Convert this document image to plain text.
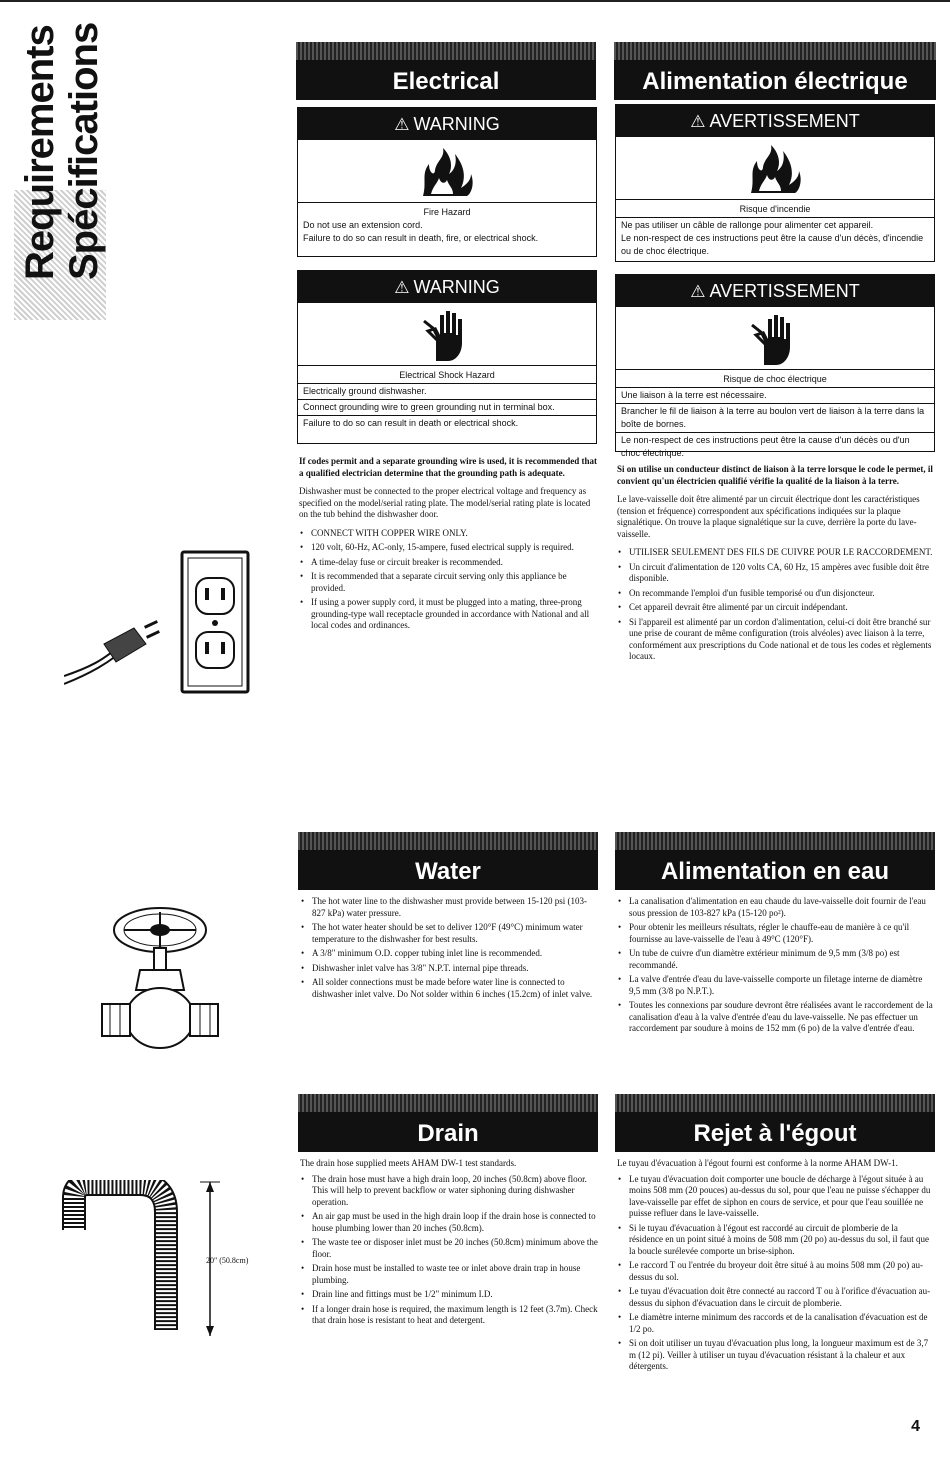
Requirements Spécifications	Electrical
⚠ WARNING
Fire Hazard
Do not use an extension cord.
Failure to do so can result in death, fire, or electrical shock.
⚠ WARNING
Electrical Shock Hazard
Electrically ground dishwasher.
Connect grounding wire to green grounding nut in terminal box.
Failure to do so can result in death or electrical shock.

If codes permit and a separate grounding wire is used, it is recommended that a qualified electrician determine that the grounding path is adequate.

Dishwasher must be connected to the proper electrical voltage and frequency as specified on the model/serial rating plate. The model/serial rating plate is located on the tub behind the dishwasher door.

• CONNECT WITH COPPER WIRE ONLY.
• 120 volt, 60-Hz, AC-only, 15-ampere, fused electrical supply is required.
• A time-delay fuse or circuit breaker is recommended.
• It is recommended that a separate circuit serving only this appliance be provided.
• If using a power supply cord, it must be plugged into a mating, three-prong grounding-type wall receptacle grounded in accordance with National and all local codes and ordinances.
Alimentation électrique
⚠ AVERTISSEMENT
Risque d'incendie
Ne pas utiliser un câble de rallonge pour alimenter cet appareil.
Le non-respect de ces instructions peut être la cause d'un décès, d'incendie ou de choc électrique.
⚠ AVERTISSEMENT
Risque de choc électrique
Une liaison à la terre est nécessaire.
Brancher le fil de liaison à la terre au boulon vert de liaison à la terre dans la boîte de bornes.
Le non-respect de ces instructions peut être la cause d'un décès ou d'un choc électrique.

Si on utilise un conducteur distinct de liaison à la terre lorsque le code le permet, il convient qu'un électricien qualifié vérifie la qualité de la liaison à la terre.

Le lave-vaisselle doit être alimenté par un circuit électrique dont les caractéristiques (tension et fréquence) correspondent aux spécifications indiquées sur la plaque signalétique. On trouve la plaque signalétique sur la cuve, derrière la porte du lave-vaisselle.

• UTILISER SEULEMENT DES FILS DE CUIVRE POUR LE RACCORDEMENT.
• Un circuit d'alimentation de 120 volts CA, 60 Hz, 15 ampères avec fusible doit être disponible.
• On recommande l'emploi d'un fusible temporisé ou d'un disjoncteur.
• Cet appareil devrait être alimenté par un circuit indépendant.
• Si l'appareil est alimenté par un cordon d'alimentation, celui-ci doit être branché sur une prise de courant de même configuration (trois alvéoles) avec liaison à la terre, conformément aux prescriptions du Code national et de tous les codes et règlements locaux.
Water
• The hot water line to the dishwasher must provide between 15-120 psi (103-827 kPa) water pressure.
• The hot water heater should be set to deliver 120°F (49°C) minimum water temperature to the dishwasher for best results.
• A 3/8" minimum O.D. copper tubing inlet line is recommended.
• Dishwasher inlet valve has 3/8" N.P.T. internal pipe threads.
• All solder connections must be made before water line is connected to dishwasher inlet valve. Do Not solder within 6 inches (15.2cm) of inlet valve.
Alimentation en eau
• La canalisation d'alimentation en eau chaude du lave-vaisselle doit fournir de l'eau sous pression de 103-827 kPa (15-120 po²).
• Pour obtenir les meilleurs résultats, régler le chauffe-eau de manière à ce qu'il fournisse au lave-vaisselle de l'eau à 49°C (120°F).
• Un tube de cuivre d'un diamètre extérieur minimum de 9,5 mm (3/8 po) est recommandé.
• La valve d'entrée d'eau du lave-vaisselle comporte un filetage interne de diamètre 9,5 mm (3/8 po N.P.T.).
• Toutes les connexions par soudure devront être réalisées avant le raccordement de la canalisation d'eau à la valve d'entrée d'eau du lave-vaisselle. Ne pas effectuer un raccordement par soudure à moins de 152 mm (6 po) de la valve d'entrée d'eau.
Drain

The drain hose supplied meets AHAM DW-1 test standards.

• The drain hose must have a high drain loop, 20 inches (50.8cm) above floor. This will help to prevent backflow or water siphoning during dishwasher operation.
• An air gap must be used in the high drain loop if the drain hose is connected to house plumbing lower than 20 inches (50.8cm).
• The waste tee or disposer inlet must be 20 inches (50.8cm) minimum above the floor.
• Drain hose must be installed to waste tee or inlet above drain trap in house plumbing.
• Drain line and fittings must be 1/2" minimum I.D.
• If a longer drain hose is required, the maximum length is 12 feet (3.7m). Check that drain hose is resistant to heat and detergent.
Rejet à l'égout

Le tuyau d'évacuation à l'égout fourni est conforme à la norme AHAM DW-1.

• Le tuyau d'évacuation doit comporter une boucle de décharge à l'égout située à au moins 508 mm (20 pouces) au-dessus du sol, pour que l'eau ne puisse s'échapper du lave-vaisselle par effet de siphon en cours de service, et pour que l'eau souillée ne puisse refluer dans le lave-vaisselle.
• Si le tuyau d'évacuation à l'égout est raccordé au circuit de plomberie de la résidence en un point situé à moins de 508 mm (20 po) au-dessus du sol, il faut que la boucle surélevée comporte un brise-siphon.
• Le raccord T ou l'entrée du broyeur doit être situé à au moins 508 mm (20 po) au-dessus du sol.
• Le tuyau d'évacuation doit être connecté au raccord T ou à l'orifice d'évacuation au-dessus du siphon d'évacuation dans le circuit de plomberie.
• Le diamètre interne minimum des raccords et de la canalisation d'évacuation est de 1/2 po.
• Si on doit utiliser un tuyau d'évacuation plus long, la longueur maximum est de 3,7 m (12 pi). Veiller à utiliser un tuyau d'évacuation résistant à la chaleur et aux détergents.
20" (50.8cm)
4
